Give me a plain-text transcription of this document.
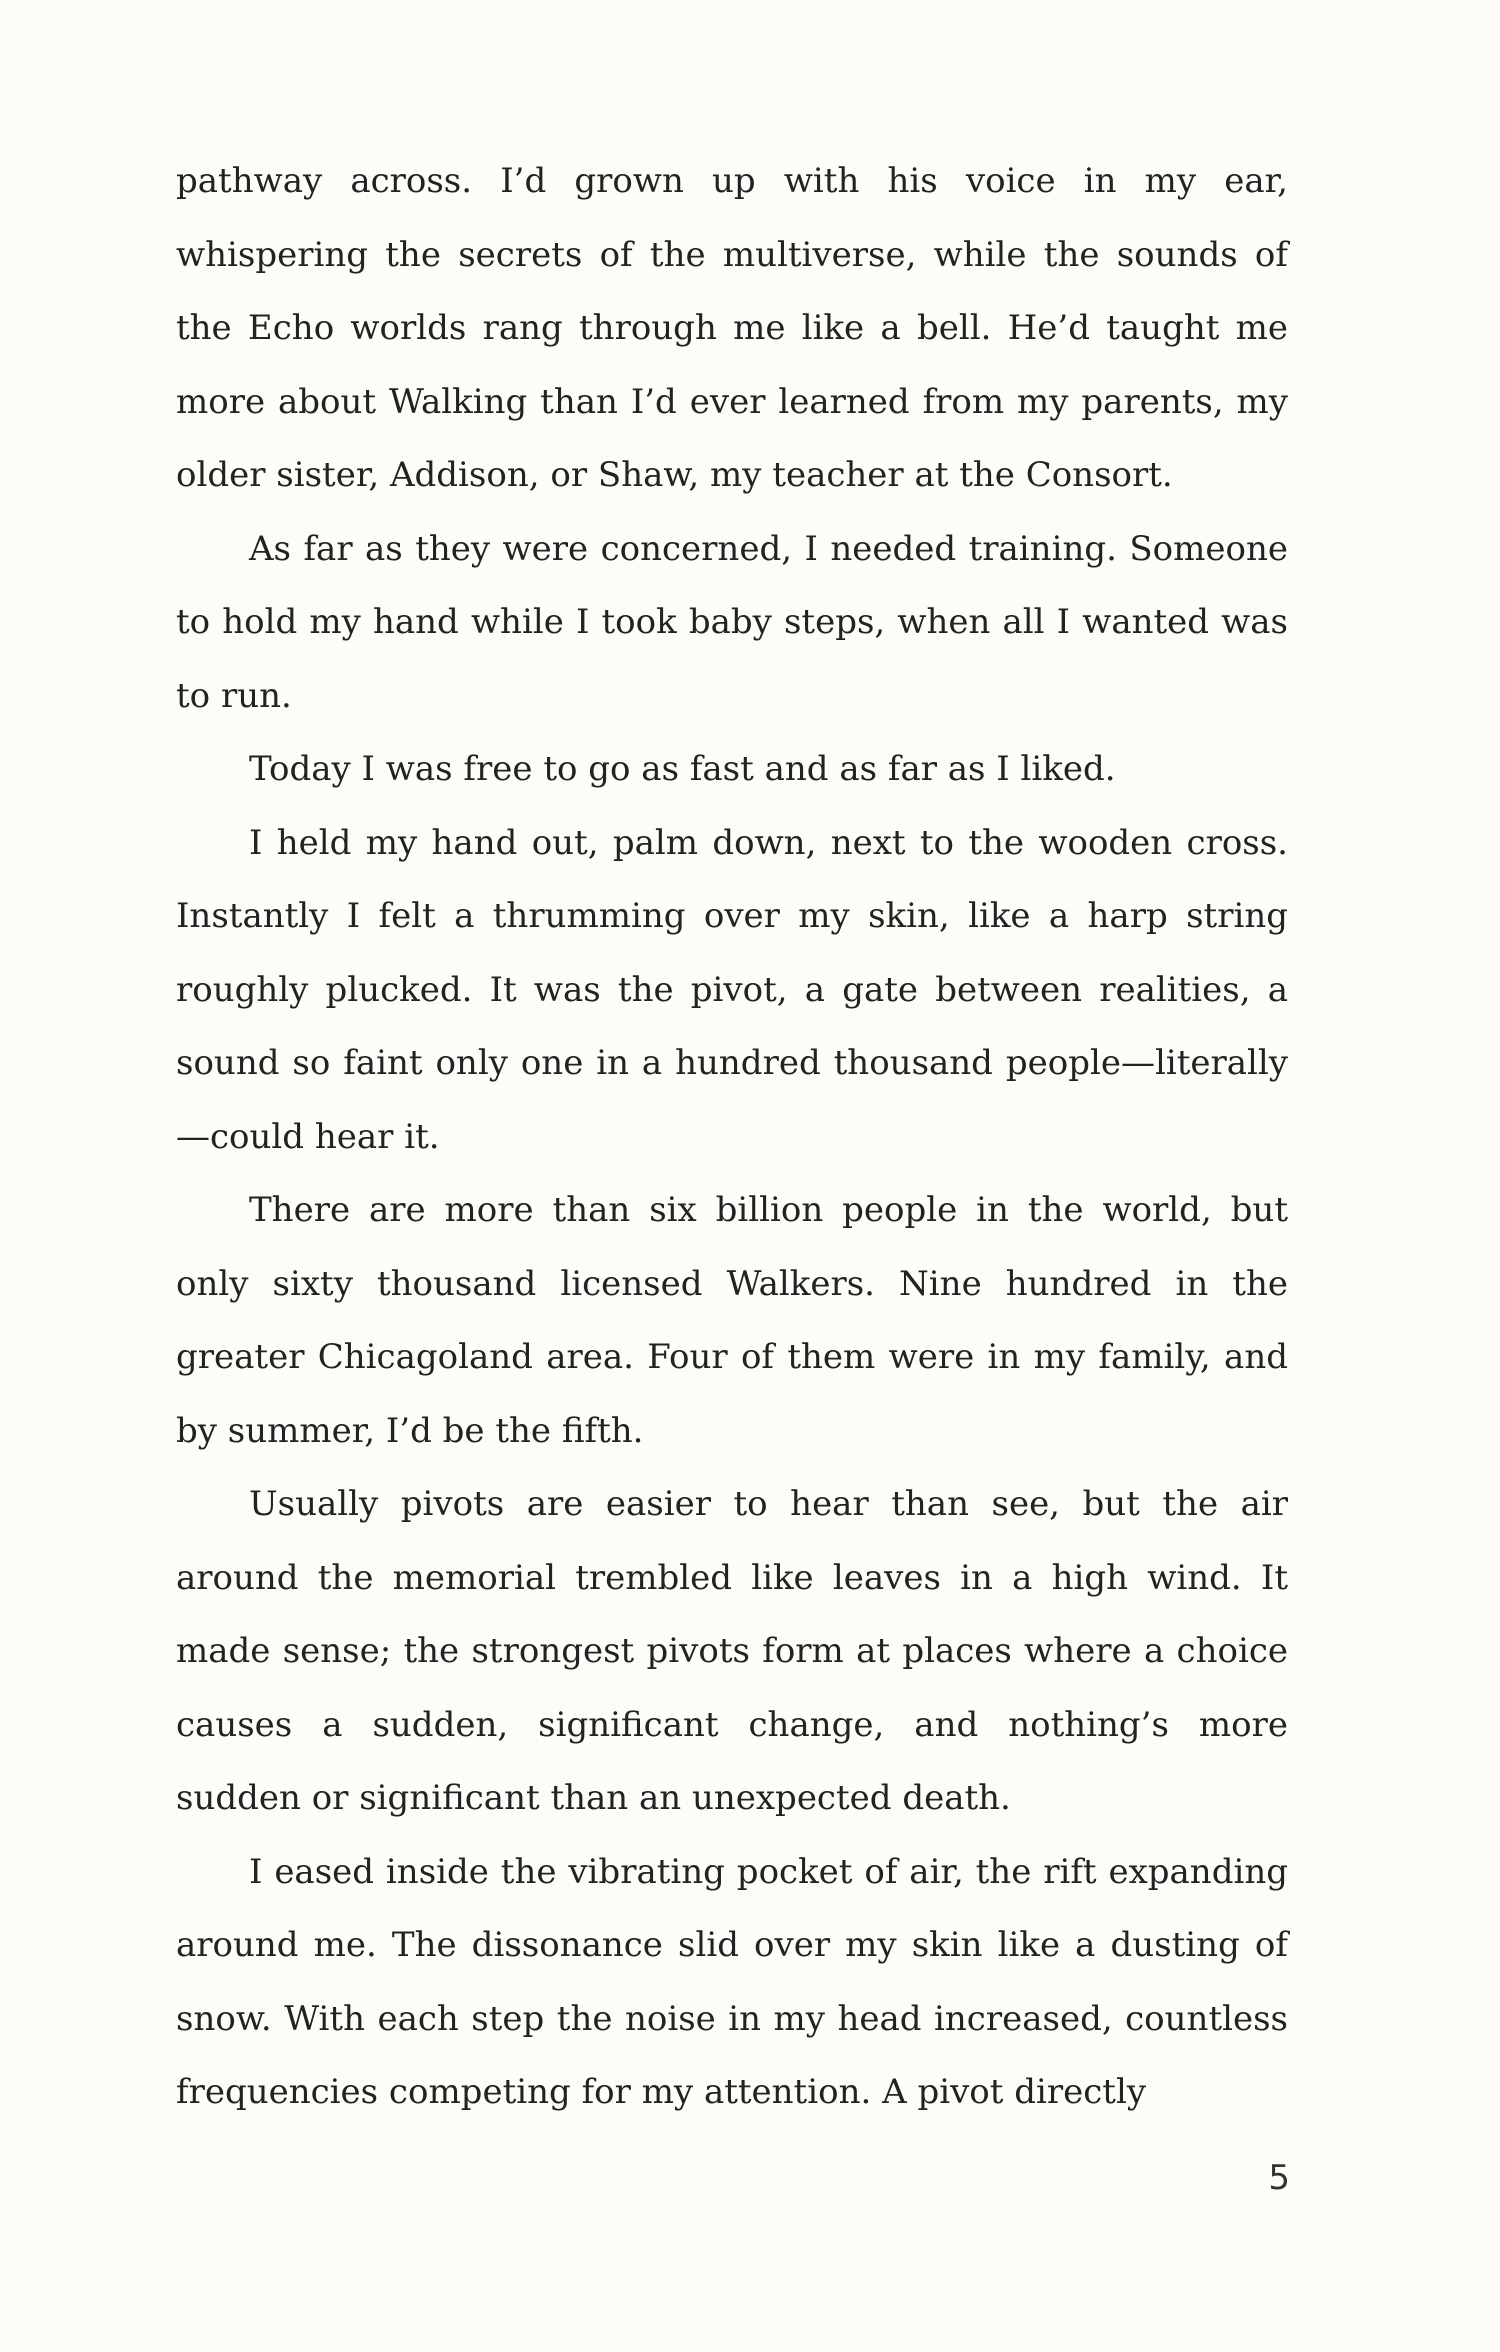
pathway across. I’d grown up with his voice in my ear, whispering the secrets of the multiverse, while the sounds of the Echo worlds rang through me like a bell. He’d taught me more about Walking than I’d ever learned from my parents, my older sister, Addison, or Shaw, my teacher at the Consort.

As far as they were concerned, I needed training. Someone to hold my hand while I took baby steps, when all I wanted was to run.

Today I was free to go as fast and as far as I liked.

I held my hand out, palm down, next to the wooden cross. Instantly I felt a thrumming over my skin, like a harp string roughly plucked. It was the pivot, a gate between realities, a sound so faint only one in a hundred thousand people—literally—could hear it.

There are more than six billion people in the world, but only sixty thousand licensed Walkers. Nine hundred in the greater Chicagoland area. Four of them were in my family, and by summer, I’d be the fifth.

Usually pivots are easier to hear than see, but the air around the memorial trembled like leaves in a high wind. It made sense; the strongest pivots form at places where a choice causes a sudden, significant change, and nothing’s more sudden or significant than an unexpected death.

I eased inside the vibrating pocket of air, the rift expanding around me. The dissonance slid over my skin like a dusting of snow. With each step the noise in my head increased, countless frequencies competing for my attention. A pivot directly

5
